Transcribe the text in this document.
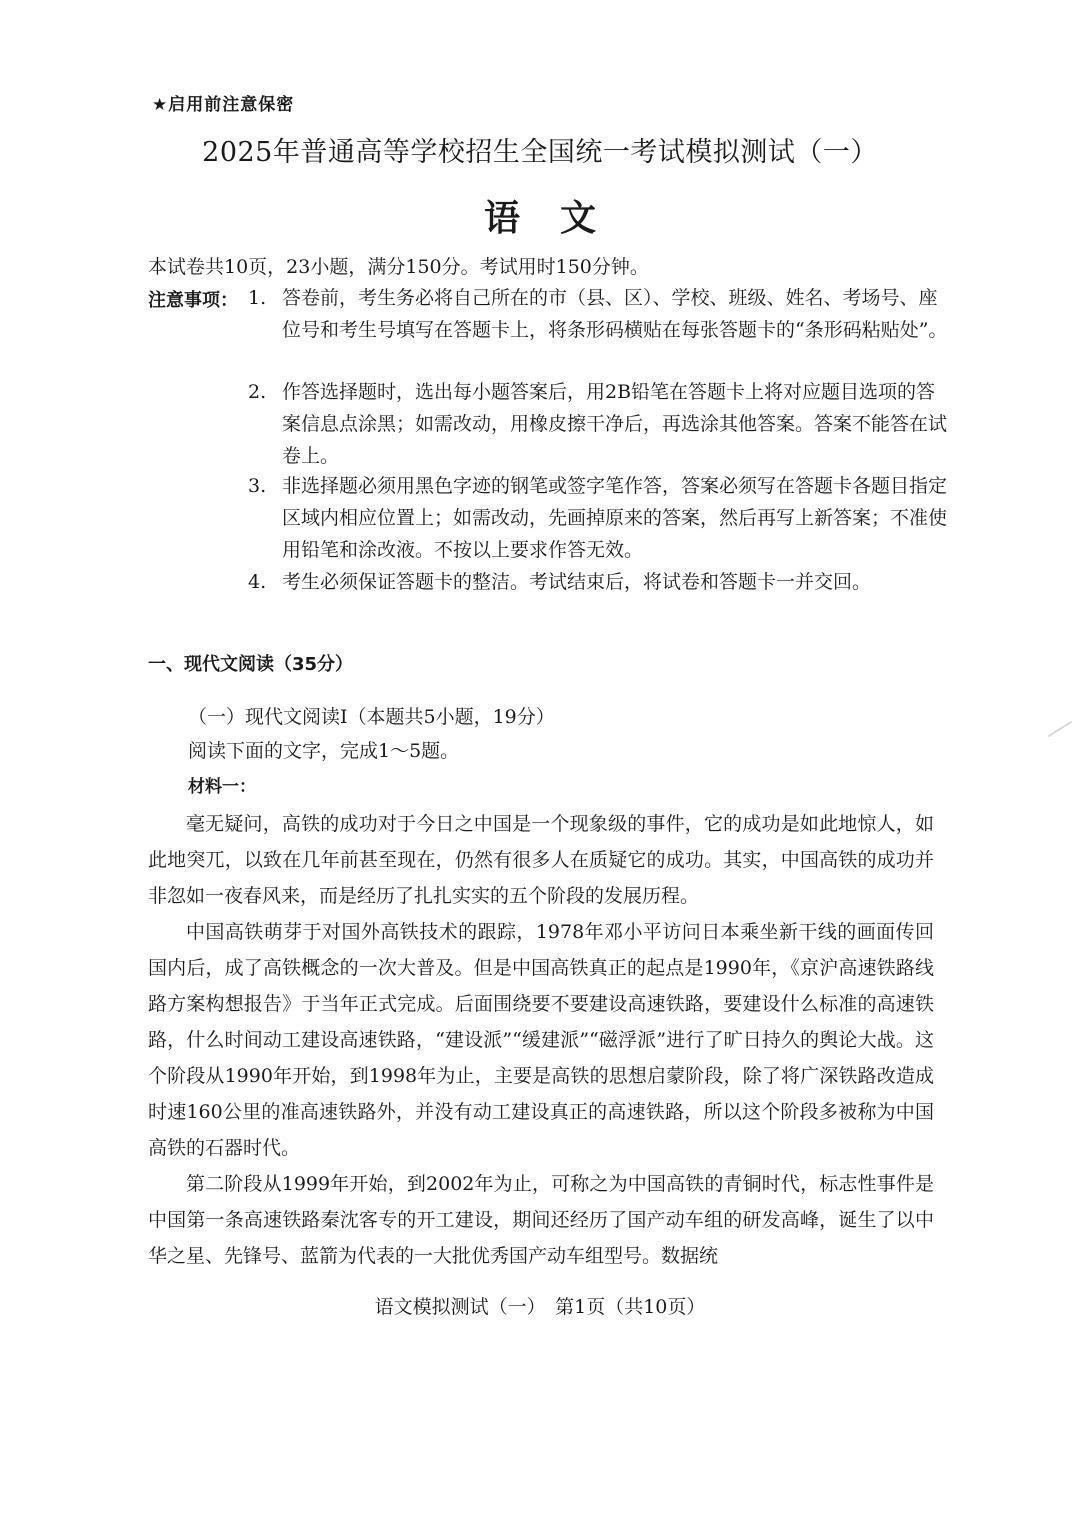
★启用前注意保密
2025年普通高等学校招生全国统一考试模拟测试（一）
语文
本试卷共10页，23小题，满分150分。考试用时150分钟。
注意事项： 1. 答卷前，考生务必将自己所在的市（县、区）、学校、班级、姓名、考场号、座位号和考生号填写在答题卡上，将条形码横贴在每张答题卡的“条形码粘贴处”。
2. 作答选择题时，选出每小题答案后，用2B铅笔在答题卡上将对应题目选项的答案信息点涂黑；如需改动，用橡皮擦干净后，再选涂其他答案。答案不能答在试卷上。
3. 非选择题必须用黑色字迹的钢笔或签字笔作答，答案必须写在答题卡各题目指定区域内相应位置上；如需改动，先画掉原来的答案，然后再写上新答案；不准使用铅笔和涂改液。不按以上要求作答无效。
4. 考生必须保证答题卡的整洁。考试结束后，将试卷和答题卡一并交回。
一、现代文阅读（35分）
（一）现代文阅读Ⅰ（本题共5小题，19分）
阅读下面的文字，完成1～5题。
材料一：

毫无疑问，高铁的成功对于今日之中国是一个现象级的事件，它的成功是如此地惊人，如此地突兀，以致在几年前甚至现在，仍然有很多人在质疑它的成功。其实，中国高铁的成功并非忽如一夜春风来，而是经历了扎扎实实的五个阶段的发展历程。

中国高铁萌芽于对国外高铁技术的跟踪，1978年邓小平访问日本乘坐新干线的画面传回国内后，成了高铁概念的一次大普及。但是中国高铁真正的起点是1990年，《京沪高速铁路线路方案构想报告》于当年正式完成。后面围绕要不要建设高速铁路，要建设什么标准的高速铁路，什么时间动工建设高速铁路，“建设派”“缓建派”“磁浮派”进行了旷日持久的舆论大战。这个阶段从1990年开始，到1998年为止，主要是高铁的思想启蒙阶段，除了将广深铁路改造成时速160公里的准高速铁路外，并没有动工建设真正的高速铁路，所以这个阶段多被称为中国高铁的石器时代。

第二阶段从1999年开始，到2002年为止，可称之为中国高铁的青铜时代，标志性事件是中国第一条高速铁路秦沈客专的开工建设，期间还经历了国产动车组的研发高峰，诞生了以中华之星、先锋号、蓝箭为代表的一大批优秀国产动车组型号。数据统

语文模拟测试（一）　第1页（共10页）
